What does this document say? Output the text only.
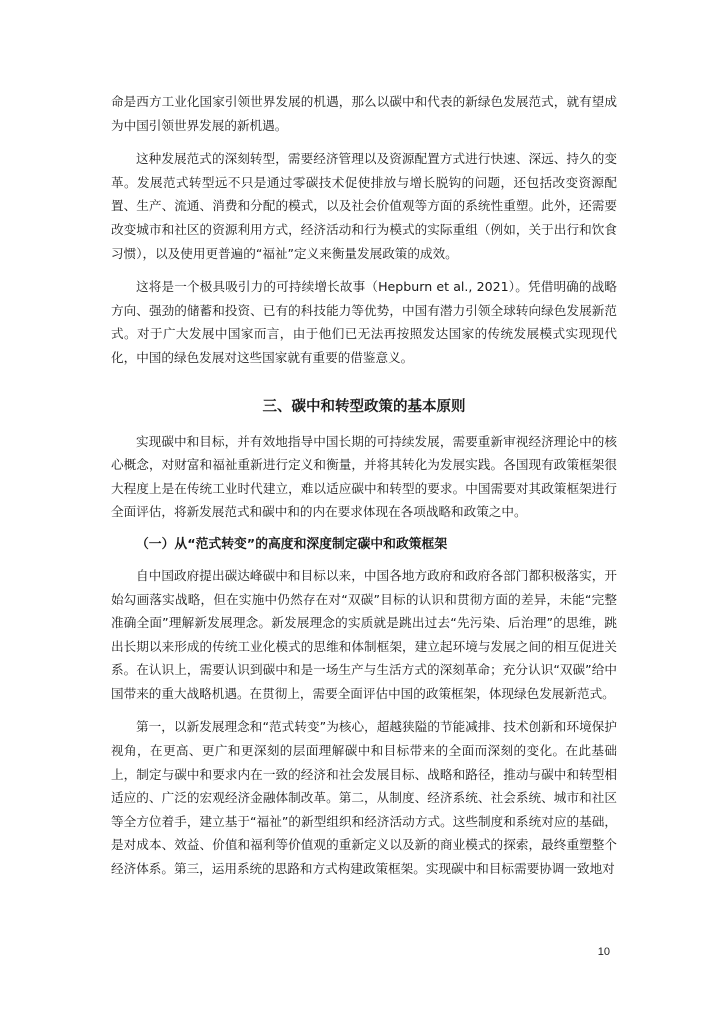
命是西方工业化国家引领世界发展的机遇，那么以碳中和代表的新绿色发展范式，就有望成为中国引领世界发展的新机遇。

这种发展范式的深刻转型，需要经济管理以及资源配置方式进行快速、深远、持久的变革。发展范式转型远不只是通过零碳技术促使排放与增长脱钩的问题，还包括改变资源配置、生产、流通、消费和分配的模式，以及社会价值观等方面的系统性重塑。此外，还需要改变城市和社区的资源利用方式，经济活动和行为模式的实际重组（例如，关于出行和饮食习惯），以及使用更普遍的“福祉”定义来衡量发展政策的成效。

这将是一个极具吸引力的可持续增长故事（Hepburn et al., 2021）。凭借明确的战略方向、强劲的储蓄和投资、已有的科技能力等优势，中国有潜力引领全球转向绿色发展新范式。对于广大发展中国家而言，由于他们已无法再按照发达国家的传统发展模式实现现代化，中国的绿色发展对这些国家就有重要的借鉴意义。

三、碳中和转型政策的基本原则

实现碳中和目标，并有效地指导中国长期的可持续发展，需要重新审视经济理论中的核心概念，对财富和福祉重新进行定义和衡量，并将其转化为发展实践。各国现有政策框架很大程度上是在传统工业时代建立，难以适应碳中和转型的要求。中国需要对其政策框架进行全面评估，将新发展范式和碳中和的内在要求体现在各项战略和政策之中。

（一）从“范式转变”的高度和深度制定碳中和政策框架

自中国政府提出碳达峰碳中和目标以来，中国各地方政府和政府各部门都积极落实，开始勾画落实战略，但在实施中仍然存在对“双碳”目标的认识和贯彻方面的差异，未能“完整准确全面”理解新发展理念。新发展理念的实质就是跳出过去“先污染、后治理”的思维，跳出长期以来形成的传统工业化模式的思维和体制框架，建立起环境与发展之间的相互促进关系。在认识上，需要认识到碳中和是一场生产与生活方式的深刻革命；充分认识“双碳”给中国带来的重大战略机遇。在贯彻上，需要全面评估中国的政策框架，体现绿色发展新范式。

第一，以新发展理念和“范式转变”为核心，超越狭隘的节能减排、技术创新和环境保护视角，在更高、更广和更深刻的层面理解碳中和目标带来的全面而深刻的变化。在此基础上，制定与碳中和要求内在一致的经济和社会发展目标、战略和路径，推动与碳中和转型相适应的、广泛的宏观经济金融体制改革。第二，从制度、经济系统、社会系统、城市和社区等全方位着手，建立基于“福祉”的新型组织和经济活动方式。这些制度和系统对应的基础，是对成本、效益、价值和福利等价值观的重新定义以及新的商业模式的探索，最终重塑整个经济体系。第三，运用系统的思路和方式构建政策框架。实现碳中和目标需要协调一致地对

10
